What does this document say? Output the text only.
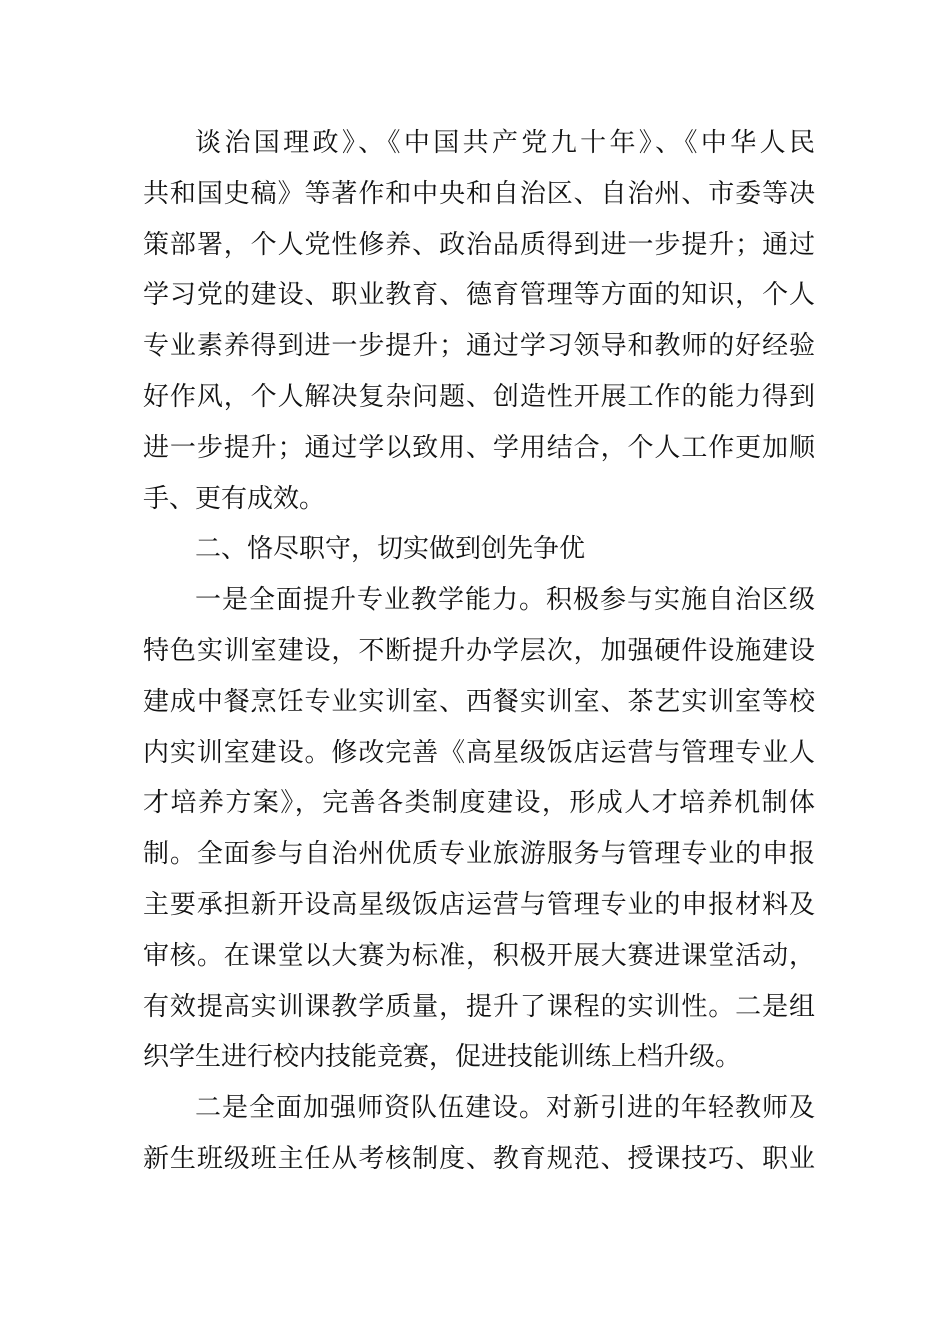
谈治国理政》、《中国共产党九十年》、《中华人民
共和国史稿》等著作和中央和自治区、自治州、市委等决
策部署，个人党性修养、政治品质得到进一步提升；通过
学习党的建设、职业教育、德育管理等方面的知识，个人
专业素养得到进一步提升；通过学习领导和教师的好经验
好作风，个人解决复杂问题、创造性开展工作的能力得到
进一步提升；通过学以致用、学用结合，个人工作更加顺
手、更有成效。
二、恪尽职守，切实做到创先争优
一是全面提升专业教学能力。积极参与实施自治区级
特色实训室建设，不断提升办学层次，加强硬件设施建设
建成中餐烹饪专业实训室、西餐实训室、茶艺实训室等校
内实训室建设。修改完善《高星级饭店运营与管理专业人
才培养方案》，完善各类制度建设，形成人才培养机制体
制。全面参与自治州优质专业旅游服务与管理专业的申报
主要承担新开设高星级饭店运营与管理专业的申报材料及
审核。在课堂以大赛为标准，积极开展大赛进课堂活动，
有效提高实训课教学质量，提升了课程的实训性。二是组
织学生进行校内技能竞赛，促进技能训练上档升级。
二是全面加强师资队伍建设。对新引进的年轻教师及
新生班级班主任从考核制度、教育规范、授课技巧、职业
